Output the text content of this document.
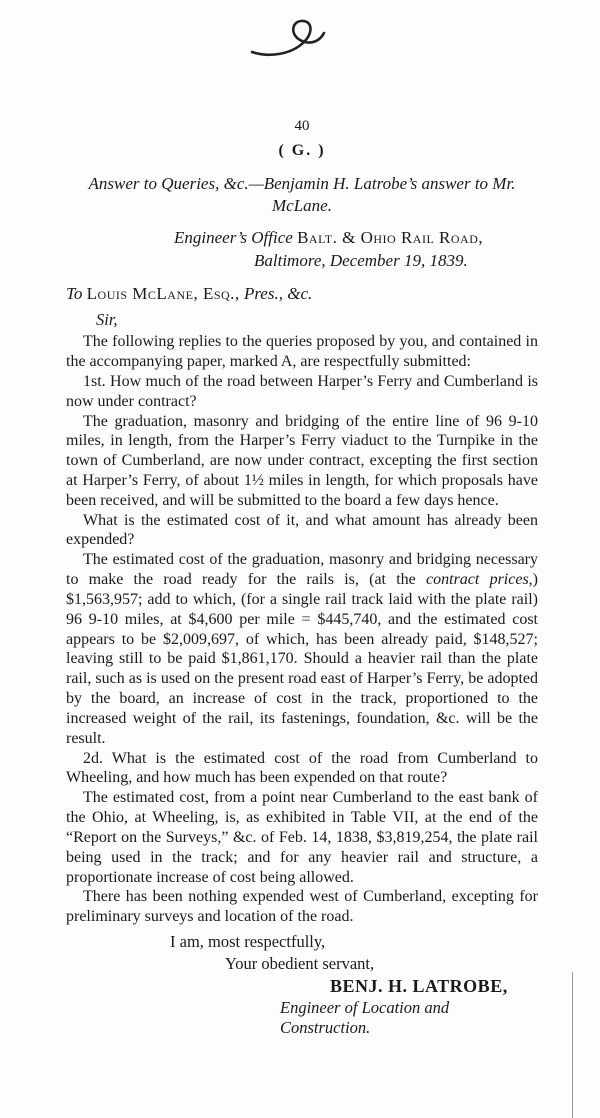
40
( G. )
Answer to Queries, &c.—Benjamin H. Latrobe’s answer to Mr.
McLane.
Engineer’s Office Balt. & Ohio Rail Road,
Baltimore, December 19, 1839.
To Louis McLane, Esq., Pres., &c.
Sir,

The following replies to the queries proposed by you, and contained in the accompanying paper, marked A, are respectfully submitted:

1st. How much of the road between Harper’s Ferry and Cumberland is now under contract?

The graduation, masonry and bridging of the entire line of 96 9-10 miles, in length, from the Harper’s Ferry viaduct to the Turnpike in the town of Cumberland, are now under contract, excepting the first section at Harper’s Ferry, of about 1½ miles in length, for which proposals have been received, and will be submitted to the board a few days hence.

What is the estimated cost of it, and what amount has already been expended?

The estimated cost of the graduation, masonry and bridging necessary to make the road ready for the rails is, (at the contract prices,) $1,563,957; add to which, (for a single rail track laid with the plate rail) 96 9-10 miles, at $4,600 per mile = $445,740, and the estimated cost appears to be $2,009,697, of which, has been already paid, $148,527; leaving still to be paid $1,861,170. Should a heavier rail than the plate rail, such as is used on the present road east of Harper’s Ferry, be adopted by the board, an increase of cost in the track, proportioned to the increased weight of the rail, its fastenings, foundation, &c. will be the result.

2d. What is the estimated cost of the road from Cumberland to Wheeling, and how much has been expended on that route?

The estimated cost, from a point near Cumberland to the east bank of the Ohio, at Wheeling, is, as exhibited in Table VII, at the end of the “Report on the Surveys,” &c. of Feb. 14, 1838, $3,819,254, the plate rail being used in the track; and for any heavier rail and structure, a proportionate increase of cost being allowed.

There has been nothing expended west of Cumberland, excepting for preliminary surveys and location of the road.

I am, most respectfully,
Your obedient servant,
BENJ. H. LATROBE,
Engineer of Location and Construction.
